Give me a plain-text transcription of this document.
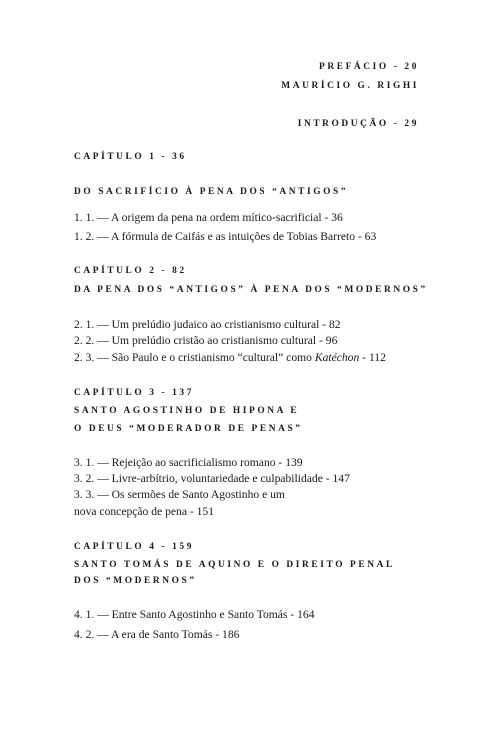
PREFÁCIO - 20
MAURÍCIO G. RIGHI
INTRODUÇÃO - 29
CAPÍTULO 1 - 36
DO SACRIFÍCIO À PENA DOS “ANTIGOS”
1. 1. — A origem da pena na ordem mítico-sacrificial - 36
1. 2. — A fórmula de Caifás e as intuições de Tobias Barreto - 63
CAPÍTULO 2 - 82
DA PENA DOS “ANTIGOS” À PENA DOS “MODERNOS”
2. 1. — Um prelúdio judaico ao cristianismo cultural - 82
2. 2. — Um prelúdio cristão ao cristianismo cultural - 96
2. 3. — São Paulo e o cristianismo “cultural” como Katéchon - 112
CAPÍTULO 3 - 137
SANTO AGOSTINHO DE HIPONA E
O DEUS “MODERADOR DE PENAS”
3. 1. — Rejeição ao sacrificialismo romano - 139
3. 2. — Livre-arbítrio, voluntariedade e culpabilidade - 147
3. 3. — Os sermões de Santo Agostinho e um
nova concepção de pena - 151
CAPÍTULO 4 - 159
SANTO TOMÁS DE AQUINO E O DIREITO PENAL
DOS “MODERNOS”
4. 1. — Entre Santo Agostinho e Santo Tomás - 164
4. 2. — A era de Santo Tomás - 186
